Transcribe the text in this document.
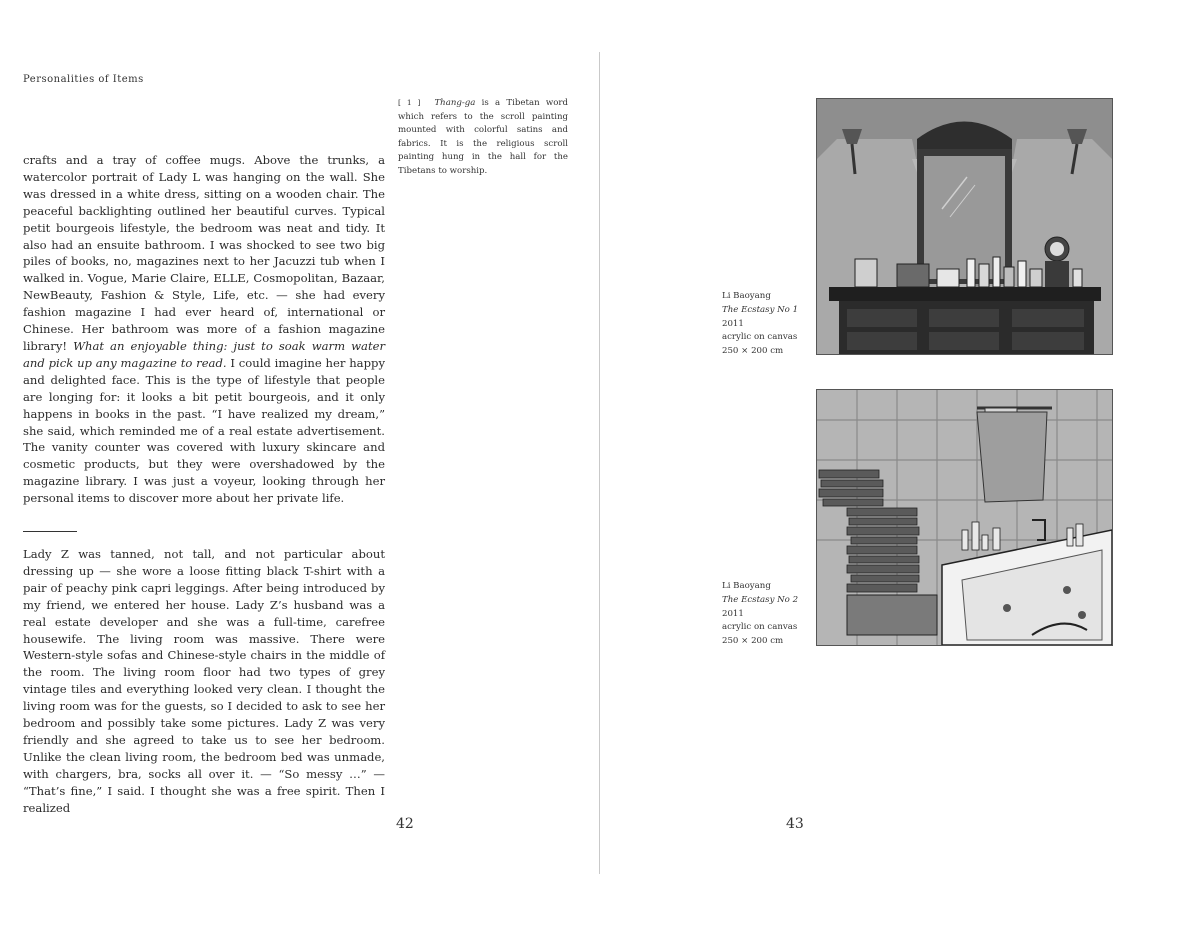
Personalities of Items

crafts and a tray of coffee mugs. Above the trunks, a watercolor portrait of Lady L was hanging on the wall. She was dressed in a white dress, sitting on a wooden chair. The peaceful backlighting outlined her beautiful curves. Typical petit bourgeois lifestyle, the bedroom was neat and tidy. It also had an ensuite bathroom. I was shocked to see two big piles of books, no, magazines next to her Jacuzzi tub when I walked in. Vogue, Marie Claire, ELLE, Cosmopolitan, Bazaar, NewBeauty, Fashion & Style, Life, etc. — she had every fashion magazine I had ever heard of, international or Chinese. Her bathroom was more of a fashion magazine library! What an enjoyable thing: just to soak warm water and pick up any magazine to read. I could imagine her happy and delighted face. This is the type of lifestyle that people are longing for: it looks a bit petit bourgeois, and it only happens in books in the past. “I have realized my dream,” she said, which reminded me of a real estate advertisement. The vanity counter was covered with luxury skincare and cosmetic products, but they were overshadowed by the magazine library. I was just a voyeur, looking through her personal items to discover more about her private life.

Lady Z was tanned, not tall, and not particular about dressing up — she wore a loose fitting black T-shirt with a pair of peachy pink capri leggings. After being introduced by my friend, we entered her house. Lady Z’s husband was a real estate developer and she was a full-time, carefree housewife. The living room was massive. There were Western-style sofas and Chinese-style chairs in the middle of the room. The living room floor had two types of grey vintage tiles and everything looked very clean. I thought the living room was for the guests, so I decided to ask to see her bedroom and possibly take some pictures. Lady Z was very friendly and she agreed to take us to see her bedroom. Unlike the clean living room, the bedroom bed was unmade, with chargers, bra, socks all over it. — “So messy …” — “That’s fine,” I said. I thought she was a free spirit. Then I realized

[ 1 ] Thang-ga is a Tibetan word which refers to the scroll painting mounted with colorful satins and fabrics. It is the religious scroll painting hung in the hall for the Tibetans to worship.
42
Li Baoyang
The Ecstasy No 1
2011
acrylic on canvas
250 × 200 cm
Li Baoyang
The Ecstasy No 2
2011
acrylic on canvas
250 × 200 cm
43
